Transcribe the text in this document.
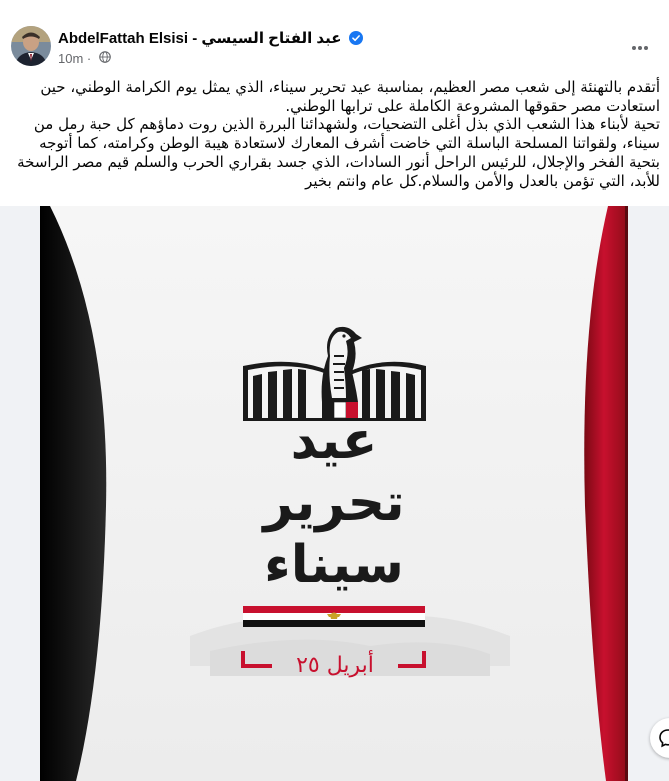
AbdelFattah Elsisi - عبد الفتاح السيسي
10m ·

أتقدم بالتهنئة إلى شعب مصر العظيم، بمناسبة عيد تحرير سيناء، الذي يمثل يوم الكرامة الوطني، حين استعادت مصر حقوقها المشروعة الكاملة على ترابها الوطني.

تحية لأبناء هذا الشعب الذي بذل أغلى التضحيات، ولشهدائنا البررة الذين روت دماؤهم كل حبة رمل من سيناء، ولقواتنا المسلحة الباسلة التي خاضت أشرف المعارك لاستعادة هيبة الوطن وكرامته، كما أتوجه بتحية الفخر والإجلال، للرئيس الراحل أنور السادات، الذي جسد بقراري الحرب والسلم قيم مصر الراسخة للأبد، التي تؤمن بالعدل والأمن والسلام.كل عام وانتم بخير

عيد
تحرير
سيناء
أبريل ٢٥
